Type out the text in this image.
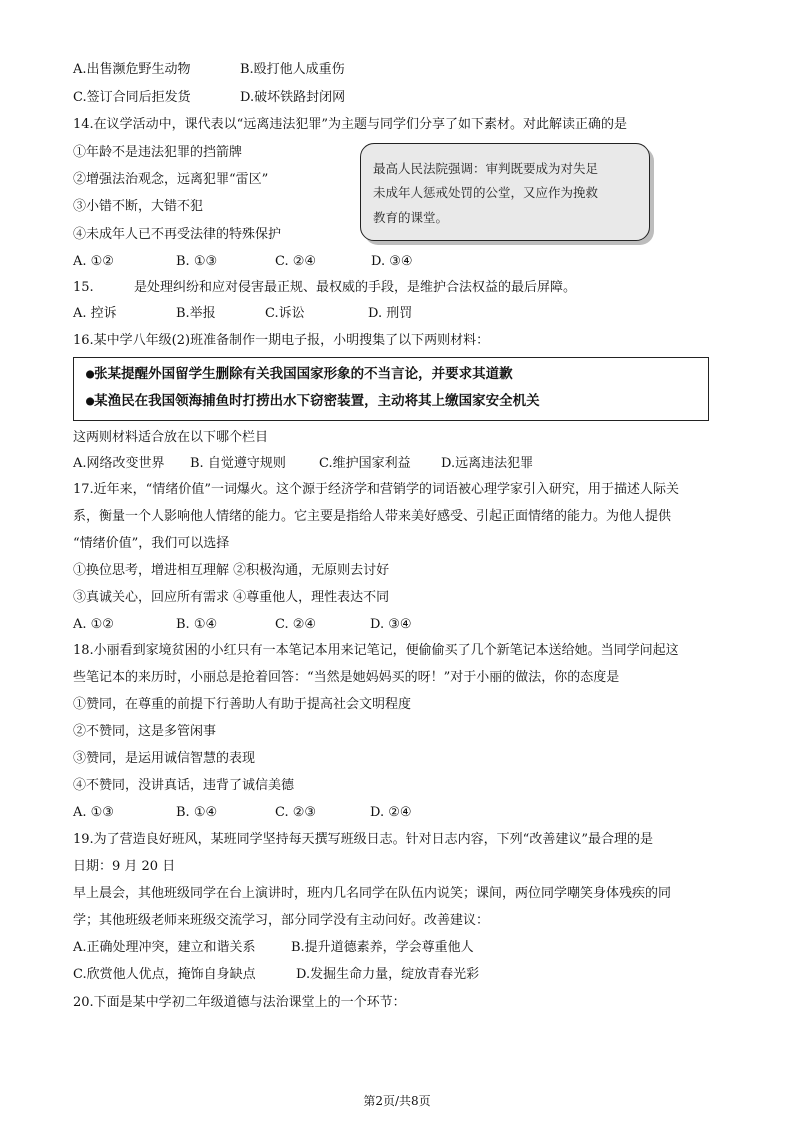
A.出售濒危野生动物	B.殴打他人成重伤
C.签订合同后拒发货	D.破坏铁路封闭网
14.在议学活动中，课代表以“远离违法犯罪”为主题与同学们分享了如下素材。对此解读正确的是
①年龄不是违法犯罪的挡箭牌
②增强法治观念，远离犯罪“雷区”
③小错不断，大错不犯
④未成年人已不再受法律的特殊保护
最高人民法院强调：审判既要成为对失足
未成年人惩戒处罚的公堂，又应作为挽救
教育的课堂。
A. ①②	B. ①③	C. ②④	D. ③④
15.	是处理纠纷和应对侵害最正规、最权威的手段，是维护合法权益的最后屏障。
A. 控诉	B.举报	C.诉讼	D. 刑罚
16.某中学八年级(2)班准备制作一期电子报，小明搜集了以下两则材料：
●张某提醒外国留学生删除有关我国国家形象的不当言论，并要求其道歉
●某渔民在我国领海捕鱼时打捞出水下窃密装置，主动将其上缴国家安全机关
这两则材料适合放在以下哪个栏目
A.网络改变世界 B. 自觉遵守规则	C.维护国家利益 D.远离违法犯罪
17.近年来，“情绪价值”一词爆火。这个源于经济学和营销学的词语被心理学家引入研究，用于描述人际关
系，衡量一个人影响他人情绪的能力。它主要是指给人带来美好感受、引起正面情绪的能力。为他人提供
“情绪价值”，我们可以选择
①换位思考，增进相互理解 ②积极沟通，无原则去讨好
③真诚关心，回应所有需求 ④尊重他人，理性表达不同
A. ①②	B. ①④	C. ②④	D. ③④
18.小丽看到家境贫困的小红只有一本笔记本用来记笔记，便偷偷买了几个新笔记本送给她。当同学问起这
些笔记本的来历时，小丽总是抢着回答：“当然是她妈妈买的呀！”对于小丽的做法，你的态度是
①赞同，在尊重的前提下行善助人有助于提高社会文明程度
②不赞同，这是多管闲事
③赞同，是运用诚信智慧的表现
④不赞同，没讲真话，违背了诚信美德
A. ①③	B. ①④	C. ②③	D. ②④
19.为了营造良好班风，某班同学坚持每天撰写班级日志。针对日志内容，下列“改善建议”最合理的是
日期：9 月 20 日
早上晨会，其他班级同学在台上演讲时，班内几名同学在队伍内说笑；课间，两位同学嘲笑身体残疾的同
学；其他班级老师来班级交流学习，部分同学没有主动问好。改善建议：
A.正确处理冲突，建立和谐关系	B.提升道德素养，学会尊重他人
C.欣赏他人优点，掩饰自身缺点	D.发掘生命力量，绽放青春光彩
20.下面是某中学初二年级道德与法治课堂上的一个环节：
第2页/共8页
